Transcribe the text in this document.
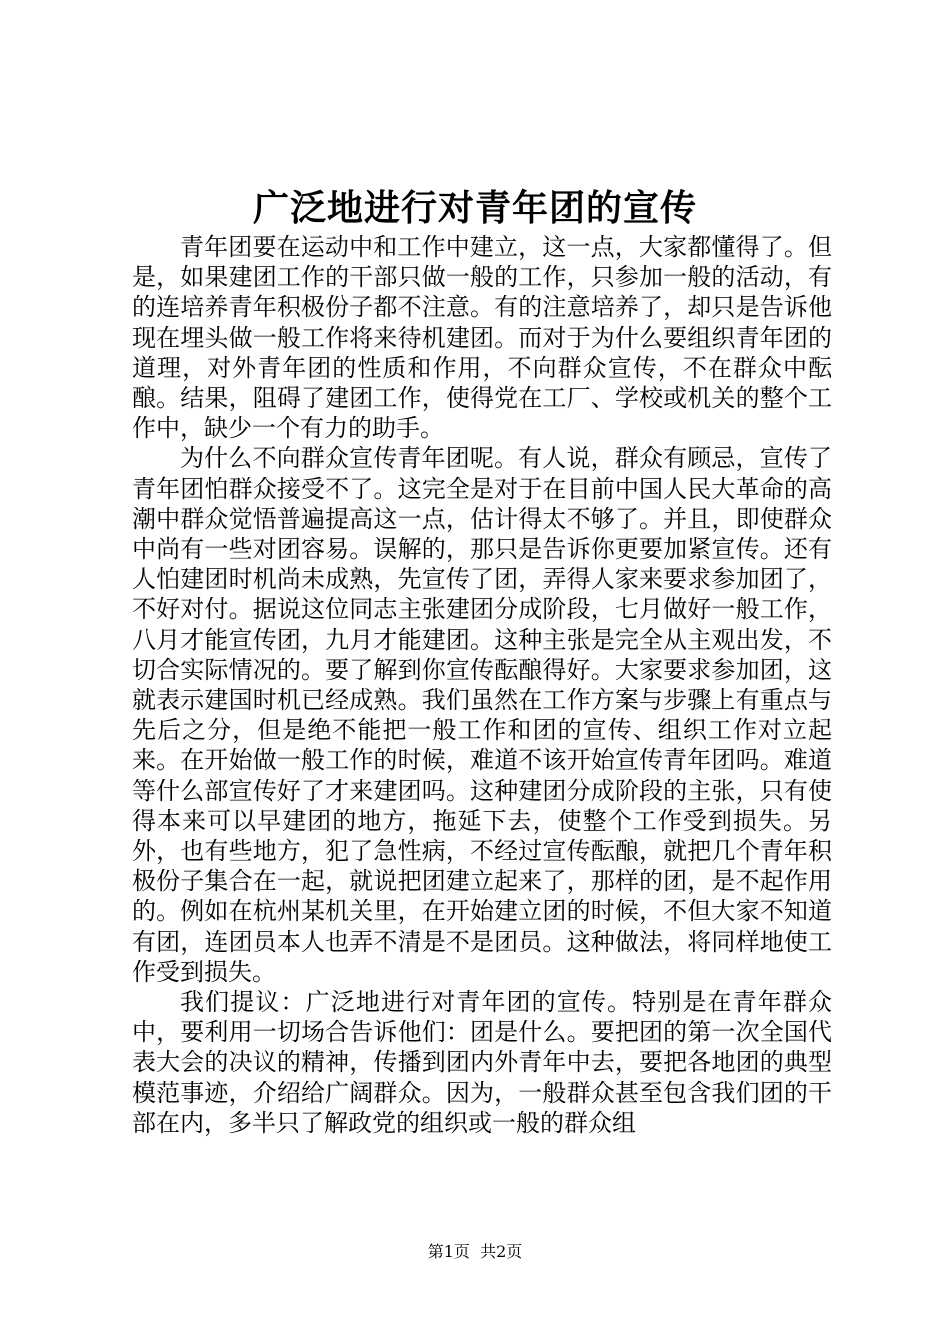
广泛地进行对青年团的宣传

青年团要在运动中和工作中建立，这一点，大家都懂得了。但是，如果建团工作的干部只做一般的工作，只参加一般的活动，有的连培养青年积极份子都不注意。有的注意培养了，却只是告诉他现在埋头做一般工作将来待机建团。而对于为什么要组织青年团的道理，对外青年团的性质和作用，不向群众宣传，不在群众中酝酿。结果，阻碍了建团工作，使得党在工厂、学校或机关的整个工作中，缺少一个有力的助手。

为什么不向群众宣传青年团呢。有人说，群众有顾忌，宣传了青年团怕群众接受不了。这完全是对于在目前中国人民大革命的高潮中群众觉悟普遍提高这一点，估计得太不够了。并且，即使群众中尚有一些对团容易。误解的，那只是告诉你更要加紧宣传。还有人怕建团时机尚未成熟，先宣传了团，弄得人家来要求参加团了，不好对付。据说这位同志主张建团分成阶段，七月做好一般工作，八月才能宣传团，九月才能建团。这种主张是完全从主观出发，不切合实际情况的。要了解到你宣传酝酿得好。大家要求参加团，这就表示建国时机已经成熟。我们虽然在工作方案与步骤上有重点与先后之分，但是绝不能把一般工作和团的宣传、组织工作对立起来。在开始做一般工作的时候，难道不该开始宣传青年团吗。难道等什么部宣传好了才来建团吗。这种建团分成阶段的主张，只有使得本来可以早建团的地方，拖延下去，使整个工作受到损失。另外，也有些地方，犯了急性病，不经过宣传酝酿，就把几个青年积极份子集合在一起，就说把团建立起来了，那样的团，是不起作用的。例如在杭州某机关里，在开始建立团的时候，不但大家不知道有团，连团员本人也弄不清是不是团员。这种做法，将同样地使工作受到损失。

我们提议：广泛地进行对青年团的宣传。特别是在青年群众中，要利用一切场合告诉他们：团是什么。要把团的第一次全国代表大会的决议的精神，传播到团内外青年中去，要把各地团的典型模范事迹，介绍给广阔群众。因为，一般群众甚至包含我们团的干部在内，多半只了解政党的组织或一般的群众组

第1页  共2页
